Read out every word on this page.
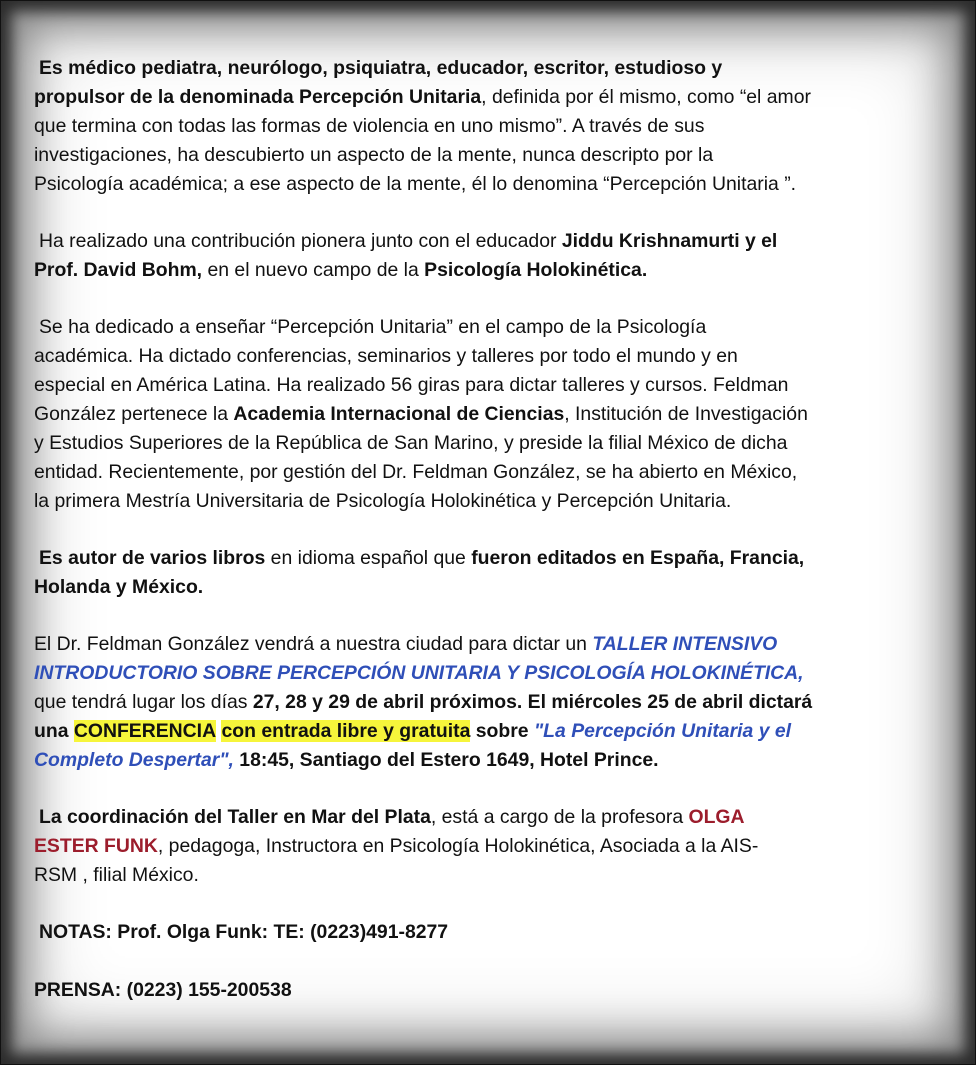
Es médico pediatra, neurólogo, psiquiatra, educador, escritor, estudioso y
propulsor de la denominada Percepción Unitaria, definida por él mismo, como “el amor
que termina con todas las formas de violencia en uno mismo”. A través de sus
investigaciones, ha descubierto un aspecto de la mente, nunca descripto por la
Psicología académica; a ese aspecto de la mente, él lo denomina “Percepción Unitaria ”.
Ha realizado una contribución pionera junto con el educador Jiddu Krishnamurti y el
Prof. David Bohm, en el nuevo campo de la Psicología Holokinética.
Se ha dedicado a enseñar “Percepción Unitaria” en el campo de la Psicología
académica. Ha dictado conferencias, seminarios y talleres por todo el mundo y en
especial en América Latina. Ha realizado 56 giras para dictar talleres y cursos. Feldman
González pertenece la Academia Internacional de Ciencias, Institución de Investigación
y Estudios Superiores de la República de San Marino, y preside la filial México de dicha
entidad. Recientemente, por gestión del Dr. Feldman González, se ha abierto en México,
la primera Mestría Universitaria de Psicología Holokinética y Percepción Unitaria.
Es autor de varios libros en idioma español que fueron editados en España, Francia,
Holanda y México.
El Dr. Feldman González vendrá a nuestra ciudad para dictar un TALLER INTENSIVO
INTRODUCTORIO SOBRE PERCEPCIÓN UNITARIA Y PSICOLOGÍA HOLOKINÉTICA,
que tendrá lugar los días 27, 28 y 29 de abril próximos. El miércoles 25 de abril dictará
una CONFERENCIA con entrada libre y gratuita sobre "La Percepción Unitaria y el
Completo Despertar", 18:45, Santiago del Estero 1649, Hotel Prince.
La coordinación del Taller en Mar del Plata, está a cargo de la profesora OLGA
ESTER FUNK, pedagoga, Instructora en Psicología Holokinética, Asociada a la AIS-
RSM , filial México.
NOTAS: Prof. Olga Funk: TE: (0223)491-8277
PRENSA: (0223) 155-200538
